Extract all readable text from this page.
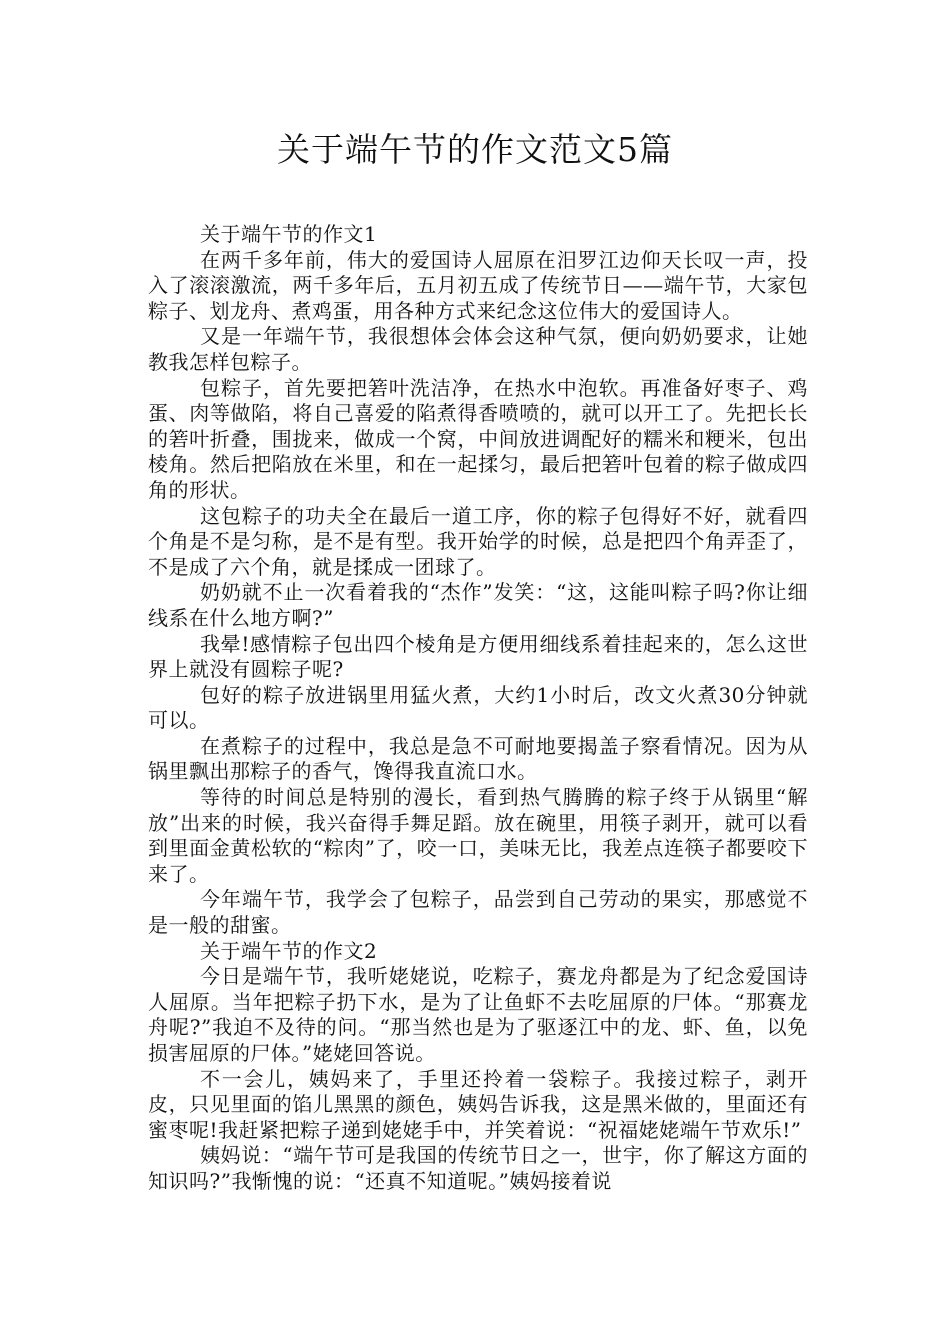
关于端午节的作文范文5篇

关于端午节的作文1

在两千多年前，伟大的爱国诗人屈原在汨罗江边仰天长叹一声，投入了滚滚激流，两千多年后，五月初五成了传统节日——端午节，大家包粽子、划龙舟、煮鸡蛋，用各种方式来纪念这位伟大的爱国诗人。

又是一年端午节，我很想体会体会这种气氛，便向奶奶要求，让她教我怎样包粽子。

包粽子，首先要把箬叶洗洁净，在热水中泡软。再准备好枣子、鸡蛋、肉等做陷，将自己喜爱的陷煮得香喷喷的，就可以开工了。先把长长的箬叶折叠，围拢来，做成一个窝，中间放进调配好的糯米和粳米，包出棱角。然后把陷放在米里，和在一起揉匀，最后把箬叶包着的粽子做成四角的形状。

这包粽子的功夫全在最后一道工序，你的粽子包得好不好，就看四个角是不是匀称，是不是有型。我开始学的时候，总是把四个角弄歪了，不是成了六个角，就是揉成一团球了。

奶奶就不止一次看着我的“杰作”发笑：“这，这能叫粽子吗?你让细线系在什么地方啊?”

我晕!感情粽子包出四个棱角是方便用细线系着挂起来的，怎么这世界上就没有圆粽子呢?

包好的粽子放进锅里用猛火煮，大约1小时后，改文火煮30分钟就可以。

在煮粽子的过程中，我总是急不可耐地要揭盖子察看情况。因为从锅里飘出那粽子的香气，馋得我直流口水。

等待的时间总是特别的漫长，看到热气腾腾的粽子终于从锅里“解放”出来的时候，我兴奋得手舞足蹈。放在碗里，用筷子剥开，就可以看到里面金黄松软的“粽肉”了，咬一口，美味无比，我差点连筷子都要咬下来了。

今年端午节，我学会了包粽子，品尝到自己劳动的果实，那感觉不是一般的甜蜜。

关于端午节的作文2

今日是端午节，我听姥姥说，吃粽子，赛龙舟都是为了纪念爱国诗人屈原。当年把粽子扔下水，是为了让鱼虾不去吃屈原的尸体。“那赛龙舟呢?”我迫不及待的问。“那当然也是为了驱逐江中的龙、虾、鱼，以免损害屈原的尸体。”姥姥回答说。

不一会儿，姨妈来了，手里还拎着一袋粽子。我接过粽子，剥开皮，只见里面的馅儿黑黑的颜色，姨妈告诉我，这是黑米做的，里面还有蜜枣呢!我赶紧把粽子递到姥姥手中，并笑着说：“祝福姥姥端午节欢乐!”

姨妈说：“端午节可是我国的传统节日之一，世宇，你了解这方面的知识吗?”我惭愧的说：“还真不知道呢。”姨妈接着说
